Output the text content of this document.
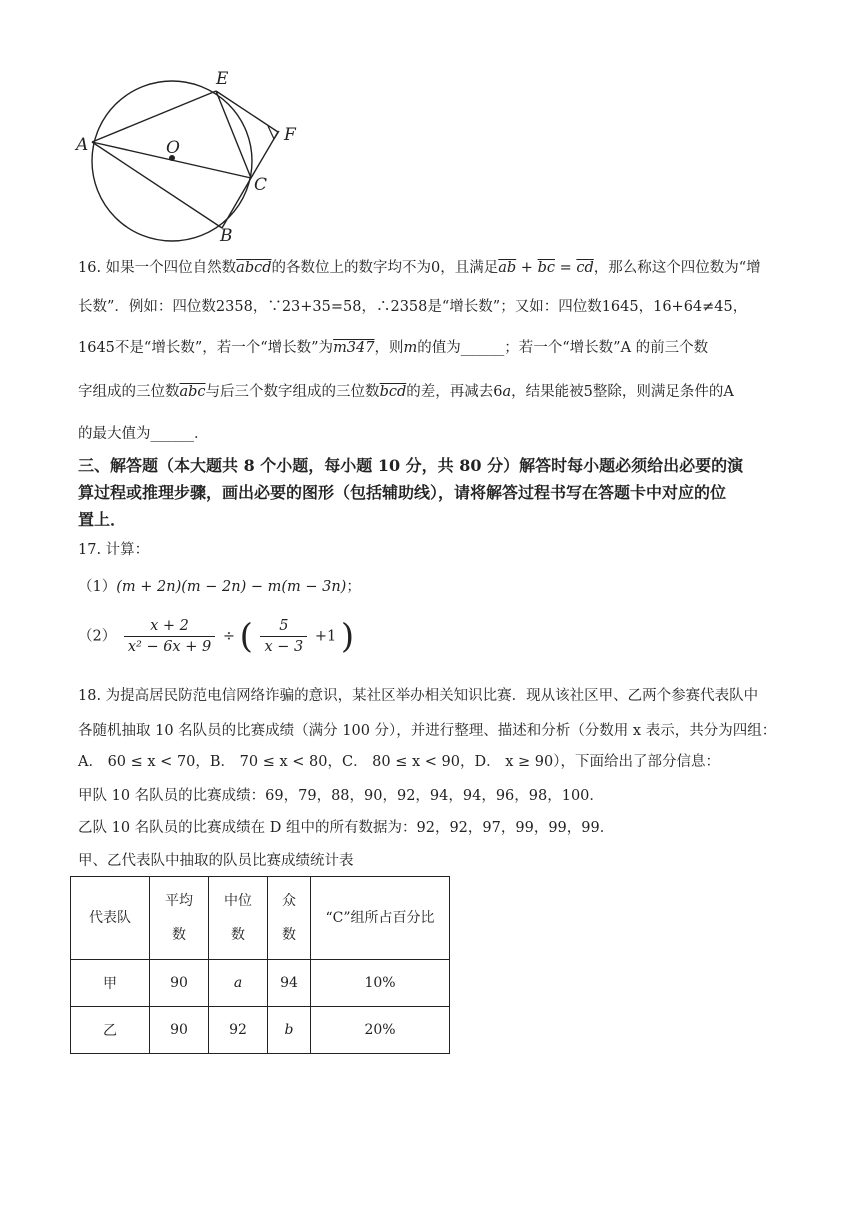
E
F
A	O
C
B
16. 如果一个四位自然数abcd的各数位上的数字均不为0，且满足$\overline{ab} + \overline{bc} = \overline{cd}$，那么称这个四位数为“增
长数”．例如：四位数2358，∵23+35=58，∴2358是“增长数”；又如：四位数1645，16+64≠45，
1645不是“增长数”，若一个“增长数”为m347，则m的值为______；若一个“增长数”A 的前三个数
字组成的三位数$\overline{abc}$与后三个数字组成的三位数$\overline{bcd}$的差，再减去6a，结果能被5整除，则满足条件的A
的最大值为______．
三、解答题（本大题共 8 个小题，每小题 10 分，共 80 分）解答时每小题必须给出必要的演
算过程或推理步骤，画出必要的图形（包括辅助线），请将解答过程书写在答题卡中对应的位
置上．
17. 计算：
（1）(m + 2n)(m − 2n) − m(m − 3n)；
$(2) \frac{x + 2}{\text{x² − 6x + 9}}$ ÷ ( $\frac{5}{x - 3} +1$ )
18. 为提高居民防范电信网络诈骗的意识，某社区举办相关知识比赛．现从该社区甲、乙两个参赛代表队中
各随机抽取 10 名队员的比赛成绩（满分 100 分），并进行整理、描述和分析（分数用 x 表示，共分为四组：
A． 60 ≤ x < 70，B． 70 ≤ x < 80，C． 80 ≤ x < 90，D． x ≥ 90），下面给出了部分信息：
甲队 10 名队员的比赛成绩：69，79，88，90，92，94，94，96，98，100．
乙队 10 名队员的比赛成绩在 D 组中的所有数据为：92，92，97，99，99，99．
甲、乙代表队中抽取的队员比赛成绩统计表
代表队	平均数	中位数	众数	“C”组所占百分比
甲	90	a	94	10%
乙	90	92	b	20%
